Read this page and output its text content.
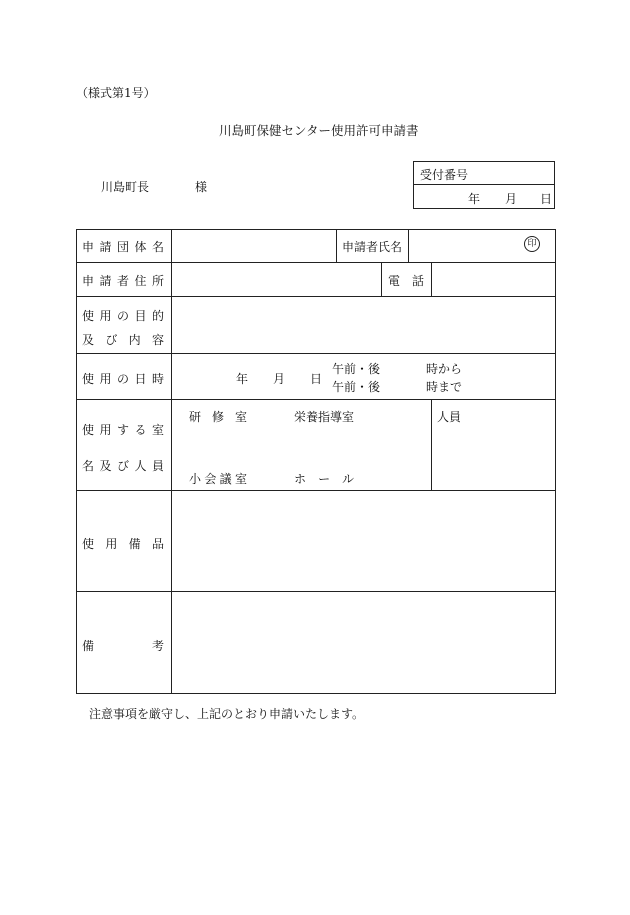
（様式第1号）
川島町保健センター使用許可申請書
川島町長	様
受付番号
年 月 日
申請団体名	申請者氏名	印
申請者住所	電話
使用の目的
及び内容
使用の日時	年 月 日
午前・後	時から
午前・後	時まで
使用する室
名及び人員
研修室	栄養指導室
小会議室	ホール
人員
使用備品
備考
注意事項を厳守し、上記のとおり申請いたします。
